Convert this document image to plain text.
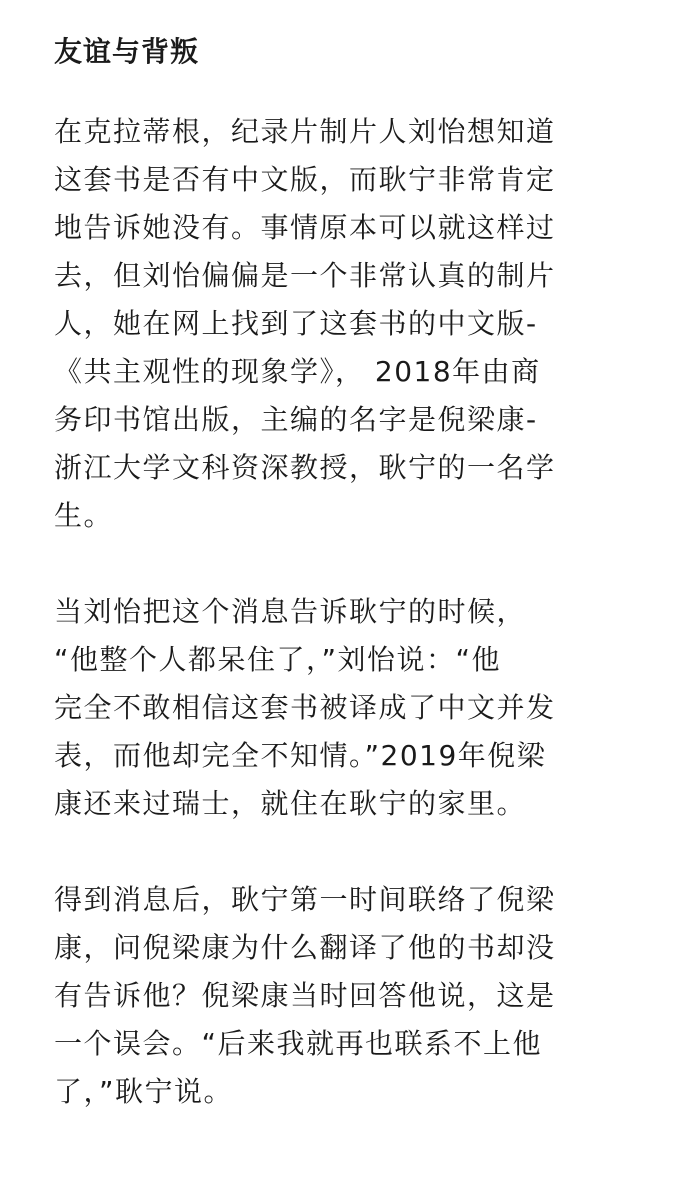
友谊与背叛

在克拉蒂根，纪录片制片人刘怡想知道
这套书是否有中文版，而耿宁非常肯定
地告诉她没有。事情原本可以就这样过
去，但刘怡偏偏是一个非常认真的制片
人，她在网上找到了这套书的中文版-
《共主观性的现象学》， 2018年由商
务印书馆出版，主编的名字是倪梁康-
浙江大学文科资深教授，耿宁的一名学
生。

当刘怡把这个消息告诉耿宁的时候，
“他整个人都呆住了，”刘怡说：“他
完全不敢相信这套书被译成了中文并发
表，而他却完全不知情。”2019年倪梁
康还来过瑞士，就住在耿宁的家里。

得到消息后，耿宁第一时间联络了倪梁
康，问倪梁康为什么翻译了他的书却没
有告诉他？倪梁康当时回答他说，这是
一个误会。“后来我就再也联系不上他
了，”耿宁说。
